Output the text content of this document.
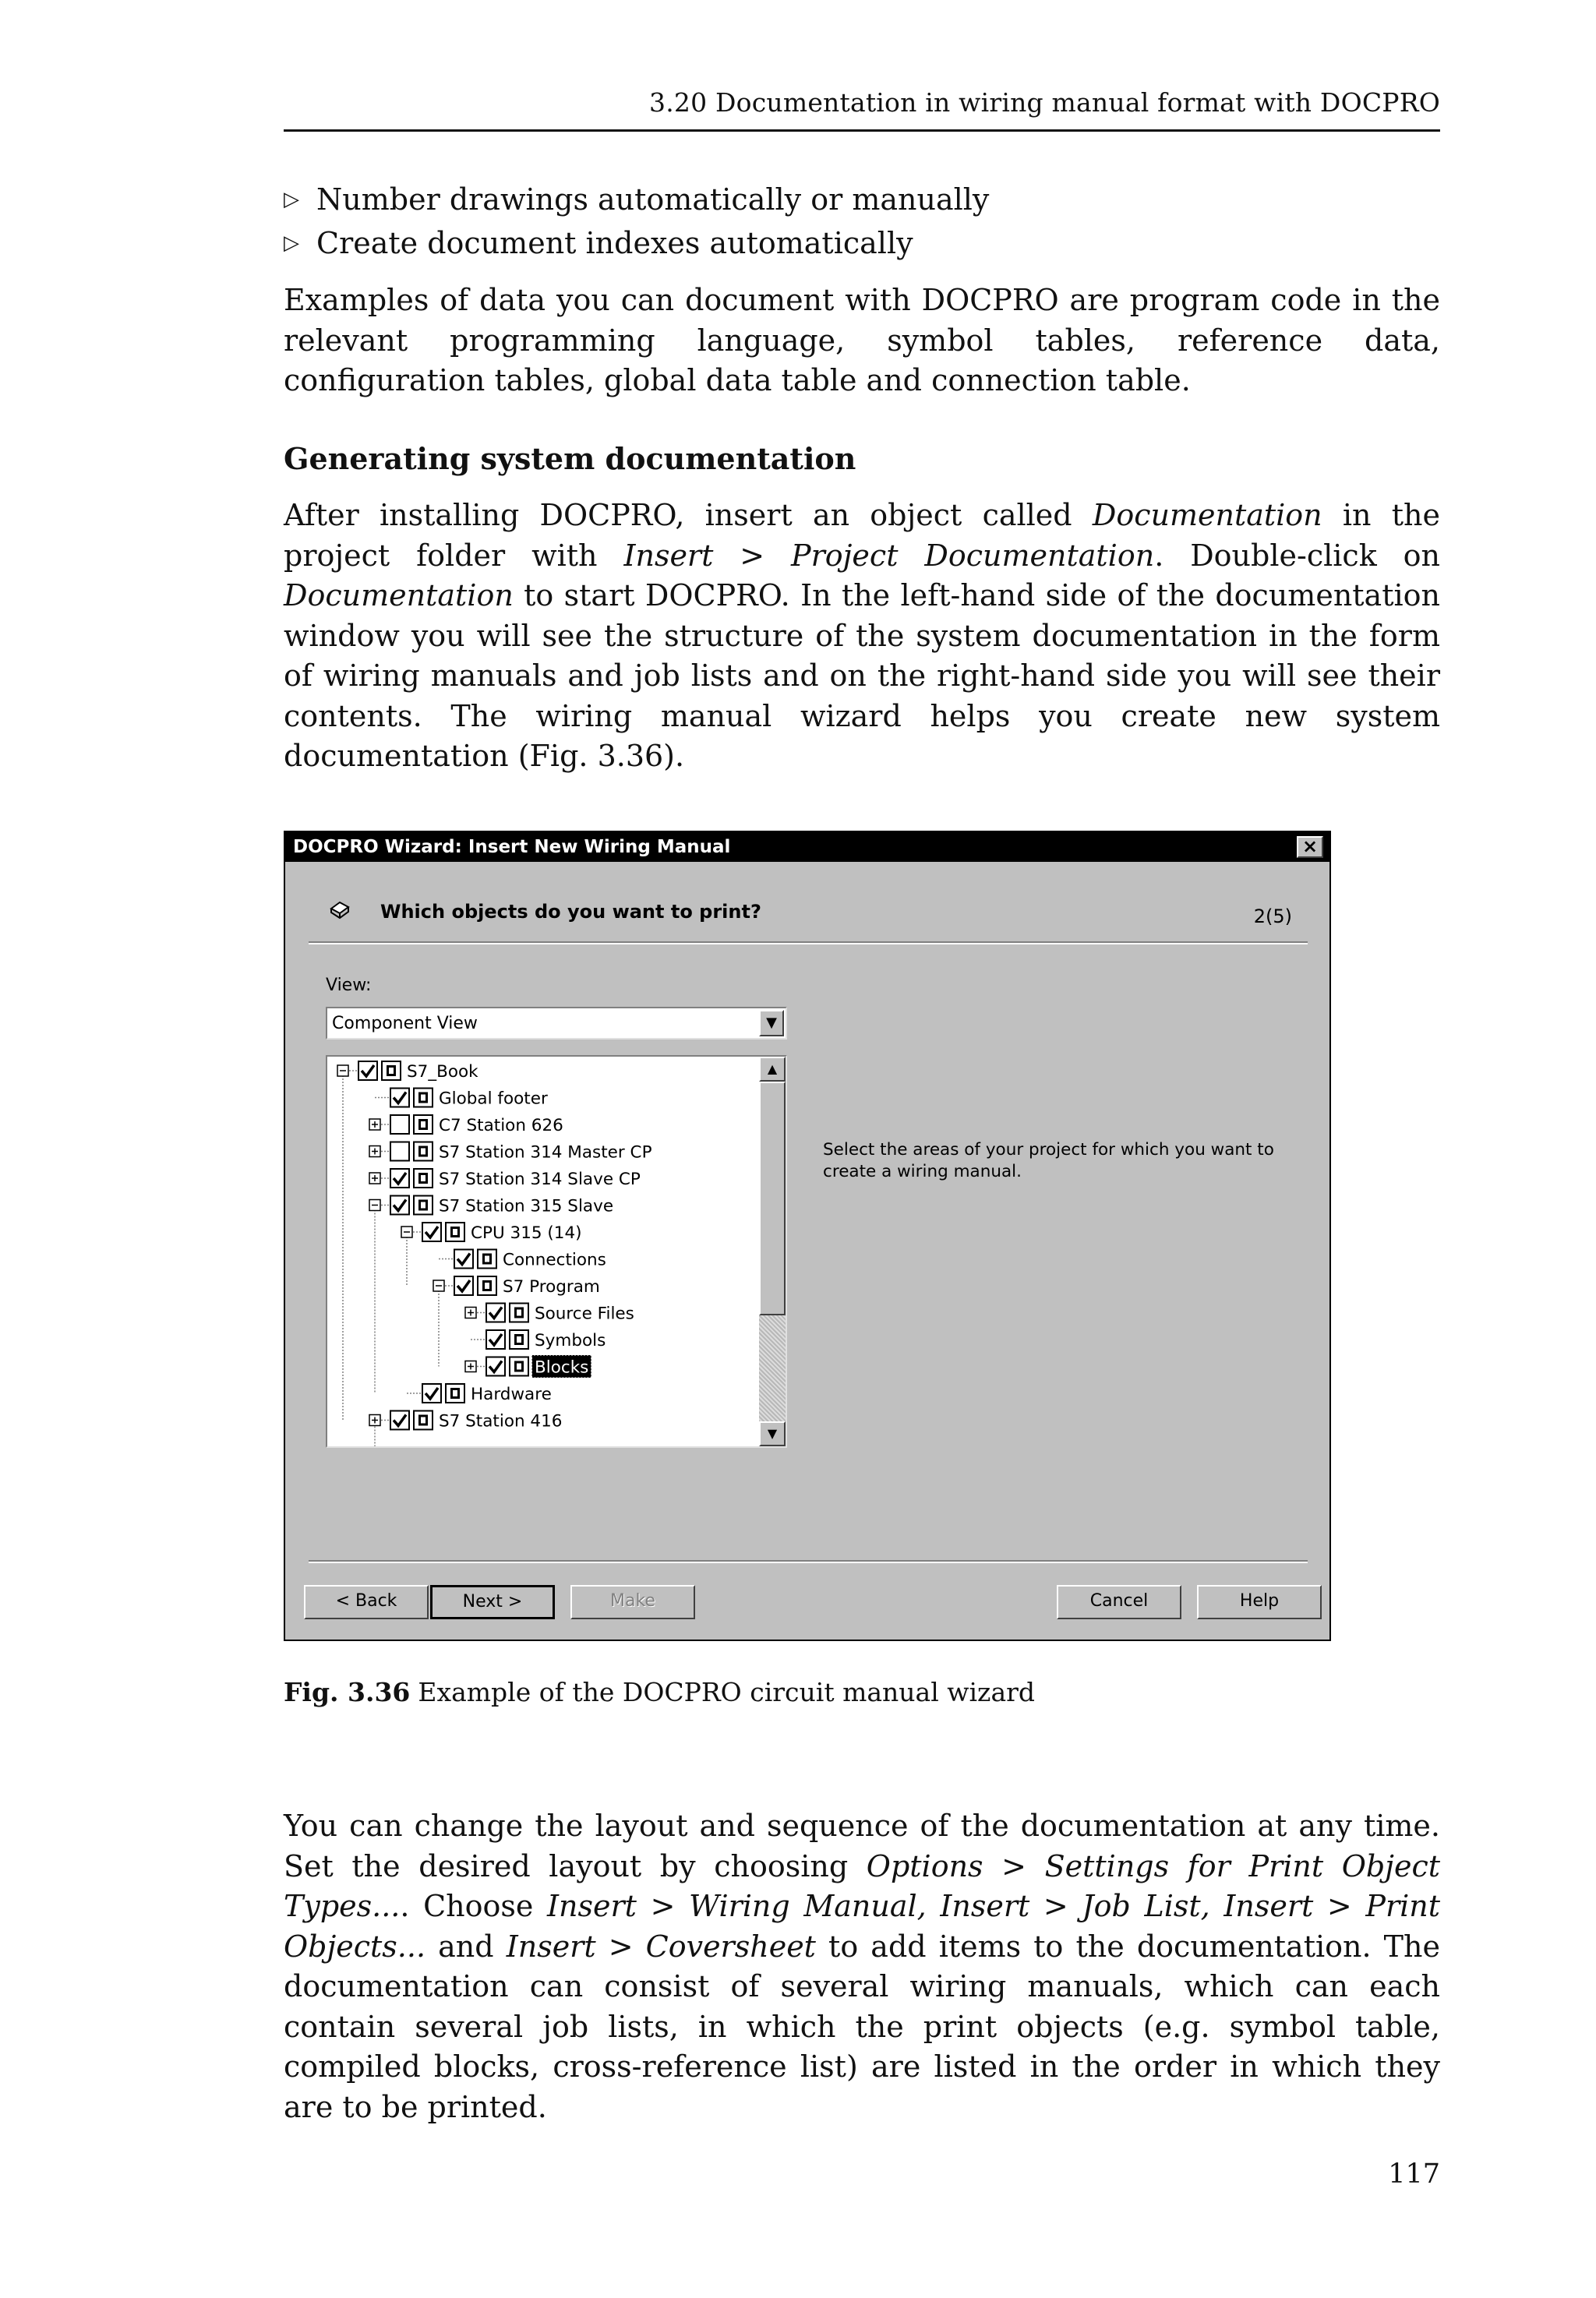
3.20 Documentation in wiring manual format with DOCPRO
▷ Number drawings automatically or manually
▷ Create document indexes automatically

Examples of data you can document with DOCPRO are program code in the relevant programming language, symbol tables, reference data, configuration tables, global data table and connection table.

Generating system documentation

After installing DOCPRO, insert an object called Documentation in the project folder with Insert > Project Documentation. Double-click on Documentation to start DOCPRO. In the left-hand side of the documentation window you will see the structure of the system documentation in the form of wiring manuals and job lists and on the right-hand side you will see their contents. The wiring manual wizard helps you create new system documentation (Fig. 3.36).

DOCPRO Wizard: Insert New Wiring Manual	×
Which objects do you want to print?	2(5)
View:
Component View	▼
S7_Book
Global footer
C7 Station 626
S7 Station 314 Master CP
S7 Station 314 Slave CP
S7 Station 315 Slave
CPU 315 (14)
Connections
S7 Program
Source Files
Symbols
Blocks
Hardware
S7 Station 416
▲
▼
Select the areas of your project for which you want to create a wiring manual.
< Back	Next >	Make	Cancel	Help
Fig. 3.36 Example of the DOCPRO circuit manual wizard

You can change the layout and sequence of the documentation at any time. Set the desired layout by choosing Options > Settings for Print Object Types.... Choose Insert > Wiring Manual, Insert > Job List, Insert > Print Objects... and Insert > Coversheet to add items to the documentation. The documentation can consist of several wiring manuals, which can each contain several job lists, in which the print objects (e.g. symbol table, compiled blocks, cross-reference list) are listed in the order in which they are to be printed.

117
